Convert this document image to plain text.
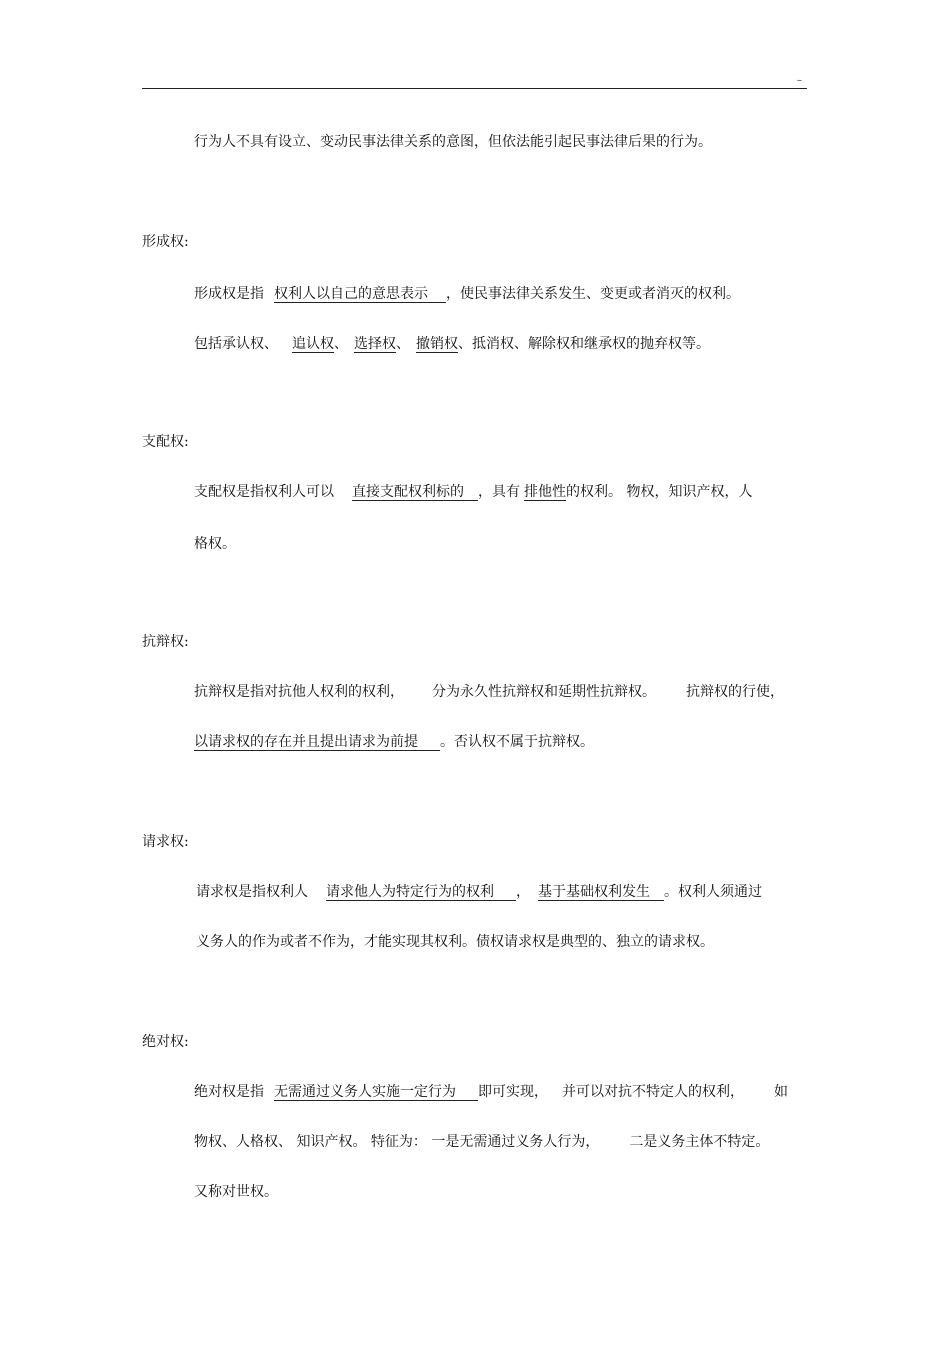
–
行为人不具有设立、变动民事法律关系的意图，但依法能引起民事法律后果的行为。
形成权:
形成权是指 权利人以自己的意思表示 ，使民事法律关系发生、变更或者消灭的权利。
包括承认权、 追认权、 选择权、 撤销权、抵消权、解除权和继承权的抛弃权等。
支配权:
支配权是指权利人可以 直接支配权利标的 ，具有 排他性的权利。 物权，知识产权，人
格权。
抗辩权:
抗辩权是指对抗他人权利的权利， 分为永久性抗辩权和延期性抗辩权。 抗辩权的行使，
以请求权的存在并且提出请求为前提 。否认权不属于抗辩权。
请求权:
请求权是指权利人 请求他人为特定行为的权利 ， 基于基础权利发生 。权利人须通过
义务人的作为或者不作为，才能实现其权利。债权请求权是典型的、独立的请求权。
绝对权:
绝对权是指 无需通过义务人实施一定行为 即可实现， 并可以对抗不特定人的权利， 如
物权、人格权、 知识产权。 特征为： 一是无需通过义务人行为， 二是义务主体不特定。
又称对世权。
